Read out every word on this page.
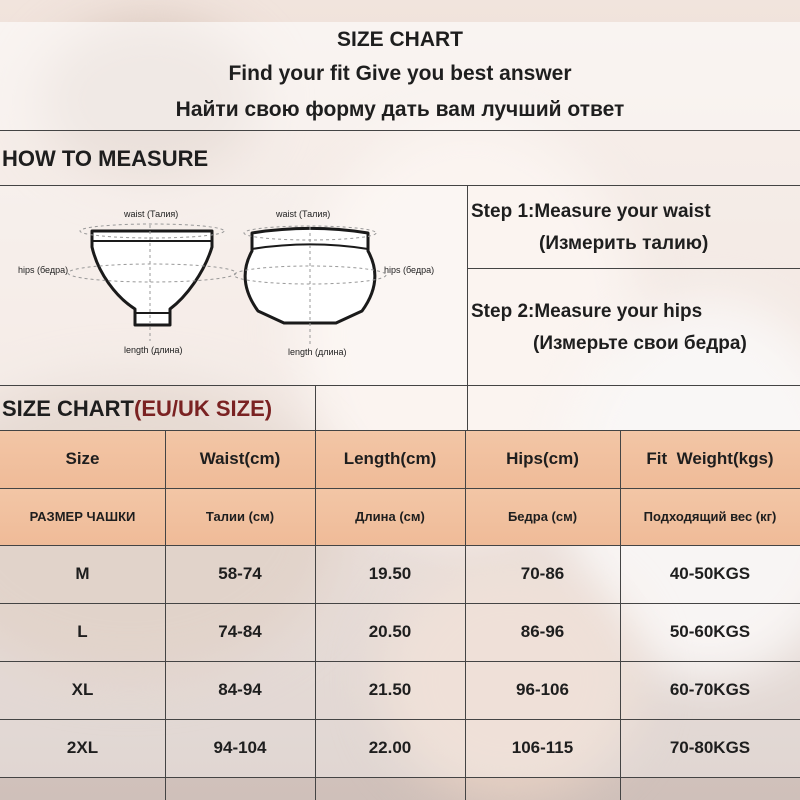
SIZE CHART
Find your fit Give you best answer
Найти свою форму дать вам лучший ответ
HOW TO MEASURE
waist (Талия)
hips (бедра)
length (длина)
waist (Талия)
hips (бедра)
length (длина)
Step 1:Measure your waist
(Измерить талию)
Step 2:Measure your hips
(Измерьте свои бедра)
SIZE CHART(EU/UK SIZE)
Size	Waist(cm)	Length(cm)	Hips(cm)	Fit  Weight(kgs)
РАЗМЕР ЧАШКИ	Талии (см)	Длина (см)	Бедра (см)	Подходящий вес (кг)
M	58-74	19.50	70-86	40-50KGS
L	74-84	20.50	86-96	50-60KGS
XL	84-94	21.50	96-106	60-70KGS
2XL	94-104	22.00	106-115	70-80KGS
